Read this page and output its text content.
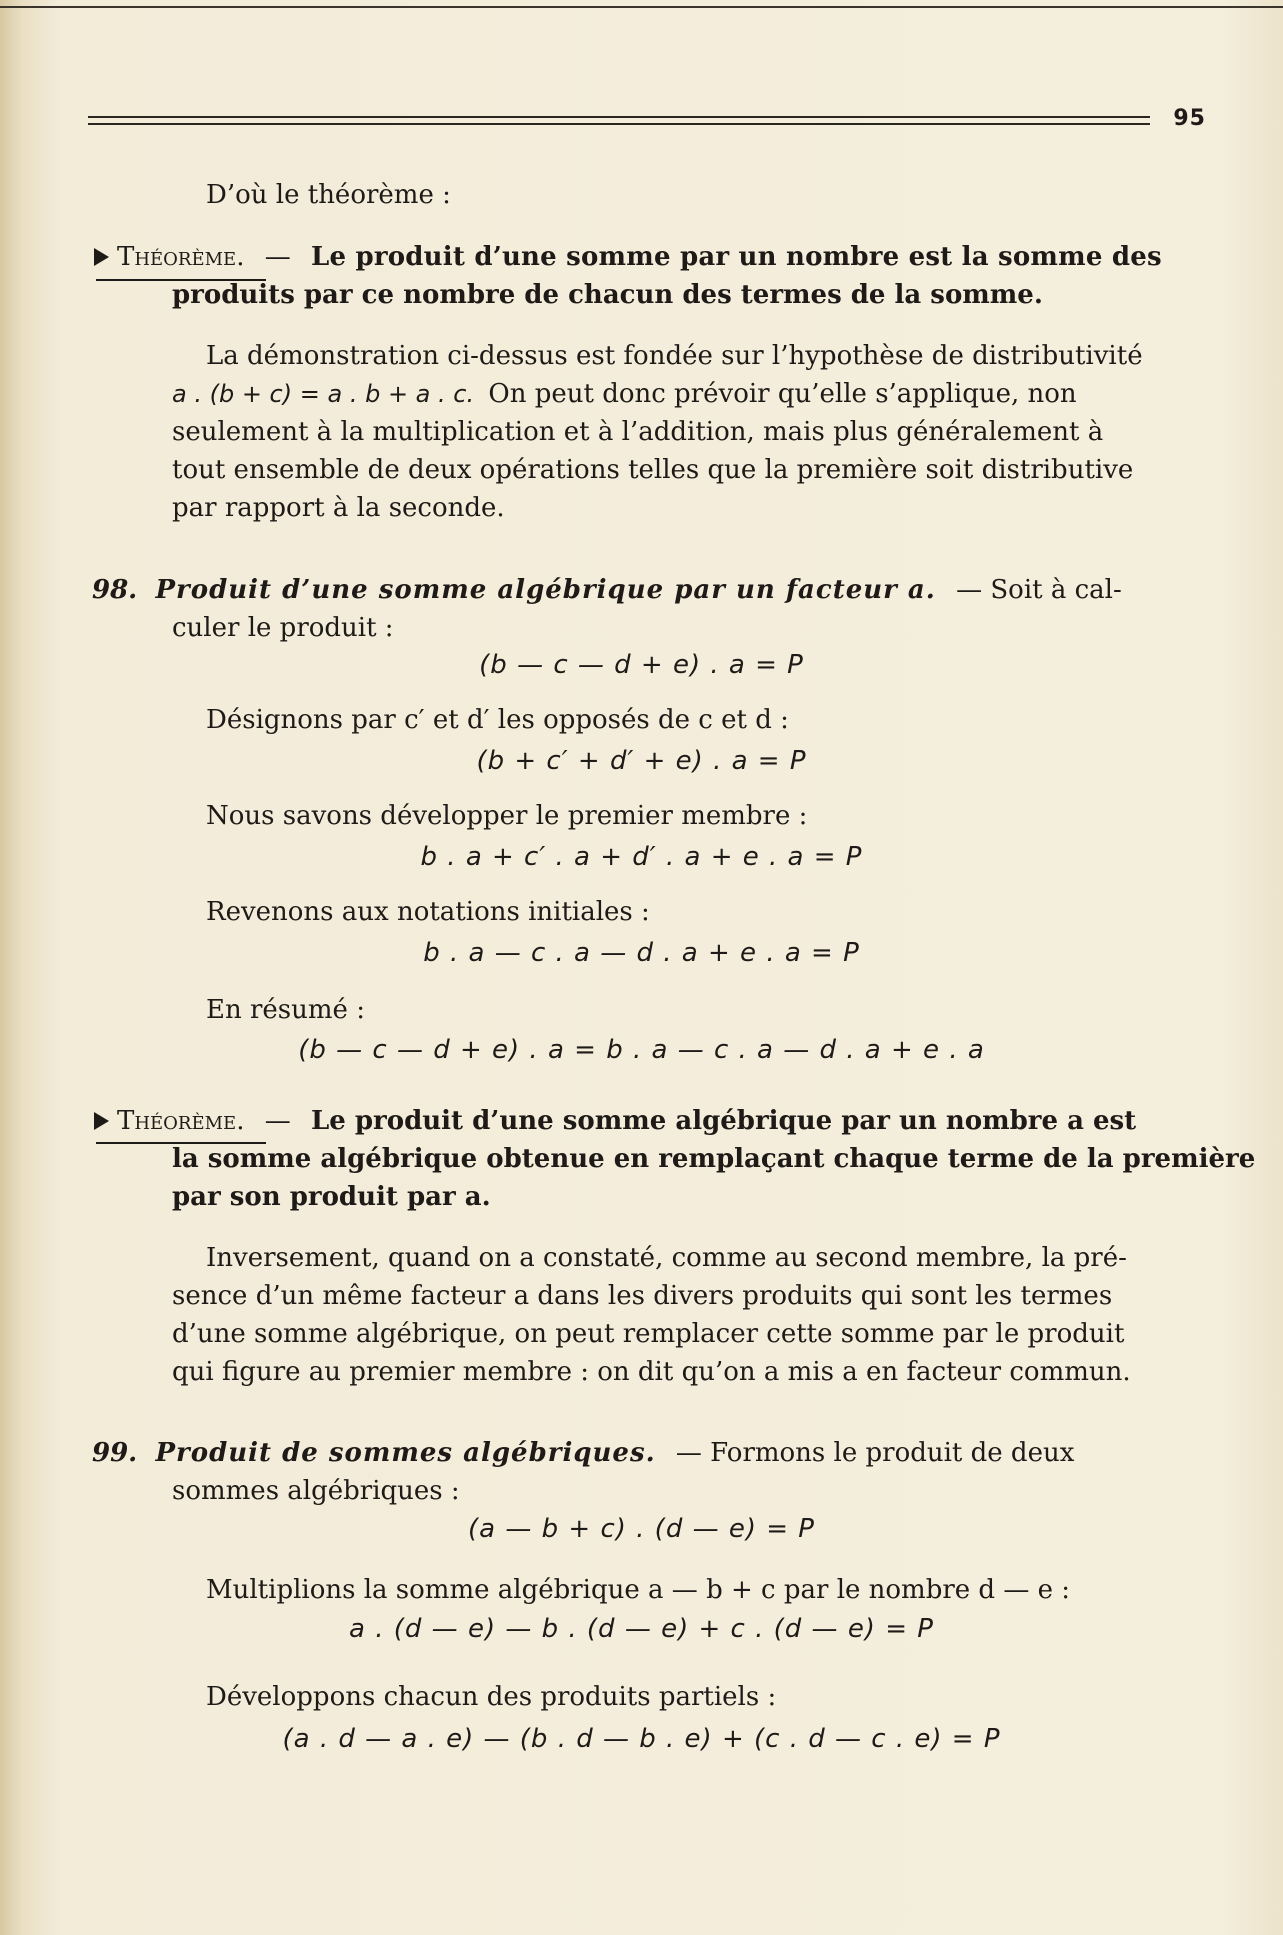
95
D’où le théorème :
Théorème. — Le produit d’une somme par un nombre est la somme des
produits par ce nombre de chacun des termes de la somme.
La démonstration ci-dessus est fondée sur l’hypothèse de distributivité
a . (b + c) = a . b + a . c. On peut donc prévoir qu’elle s’applique, non
seulement à la multiplication et à l’addition, mais plus généralement à
tout ensemble de deux opérations telles que la première soit distributive
par rapport à la seconde.
98. Produit d’une somme algébrique par un facteur a. — Soit à cal-
culer le produit :
(b — c — d + e) . a = P
Désignons par c′ et d′ les opposés de c et d :
(b + c′ + d′ + e) . a = P
Nous savons développer le premier membre :
b . a + c′ . a + d′ . a + e . a = P
Revenons aux notations initiales :
b . a — c . a — d . a + e . a = P
En résumé :
(b — c — d + e) . a = b . a — c . a — d . a + e . a
Théorème. — Le produit d’une somme algébrique par un nombre a est
la somme algébrique obtenue en remplaçant chaque terme de la première
par son produit par a.
Inversement, quand on a constaté, comme au second membre, la pré-
sence d’un même facteur a dans les divers produits qui sont les termes
d’une somme algébrique, on peut remplacer cette somme par le produit
qui figure au premier membre : on dit qu’on a mis a en facteur commun.
99. Produit de sommes algébriques. — Formons le produit de deux
sommes algébriques :
(a — b + c) . (d — e) = P
Multiplions la somme algébrique a — b + c par le nombre d — e :
a . (d — e) — b . (d — e) + c . (d — e) = P
Développons chacun des produits partiels :
(a . d — a . e) — (b . d — b . e) + (c . d — c . e) = P
